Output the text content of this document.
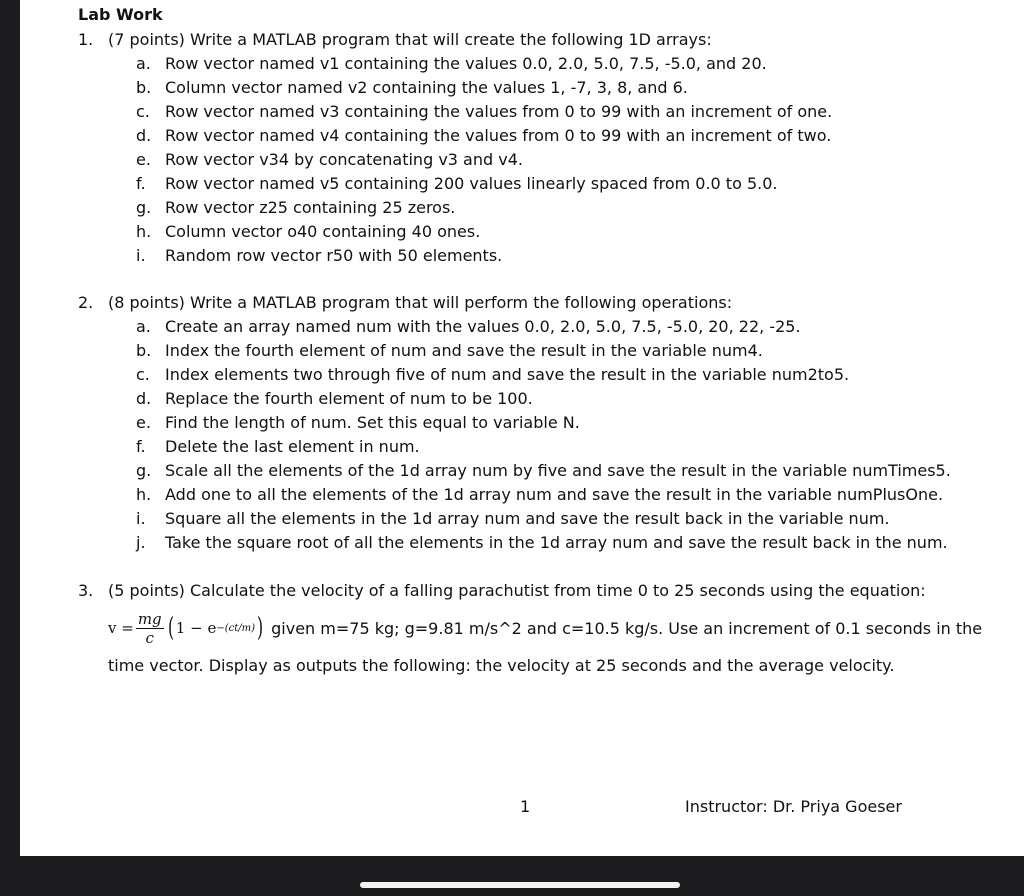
Lab Work
1. (7 points) Write a MATLAB program that will create the following 1D arrays:
a. Row vector named v1 containing the values 0.0, 2.0, 5.0, 7.5, -5.0, and 20.
b. Column vector named v2 containing the values 1, -7, 3, 8, and 6.
c. Row vector named v3 containing the values from 0 to 99 with an increment of one.
d. Row vector named v4 containing the values from 0 to 99 with an increment of two.
e. Row vector v34 by concatenating v3 and v4.
f.	Row vector named v5 containing 200 values linearly spaced from 0.0 to 5.0.
g. Row vector z25 containing 25 zeros.
h. Column vector o40 containing 40 ones.
i.	Random row vector r50 with 50 elements.
2. (8 points) Write a MATLAB program that will perform the following operations:
a. Create an array named num with the values 0.0, 2.0, 5.0, 7.5, -5.0, 20, 22, -25.
b. Index the fourth element of num and save the result in the variable num4.
c. Index elements two through five of num and save the result in the variable num2to5.
d. Replace the fourth element of num to be 100.
e. Find the length of num. Set this equal to variable N.
f.	Delete the last element in num.
g. Scale all the elements of the 1d array num by five and save the result in the variable numTimes5.
h. Add one to all the elements of the 1d array num and save the result in the variable numPlusOne.
i.	Square all the elements in the 1d array num and save the result back in the variable num.
j.	Take the square root of all the elements in the 1d array num and save the result back in the num.
3. (5 points) Calculate the velocity of a falling parachutist from time 0 to 25 seconds using the equation:
$v = \frac{mg}{c}$ ( 1 − e −(ct/m) ) given m=75 kg; g=9.81 m/s^2 and c=10.5 kg/s. Use an increment of 0.1 seconds in the
time vector. Display as outputs the following: the velocity at 25 seconds and the average velocity.
1	Instructor: Dr. Priya Goeser
